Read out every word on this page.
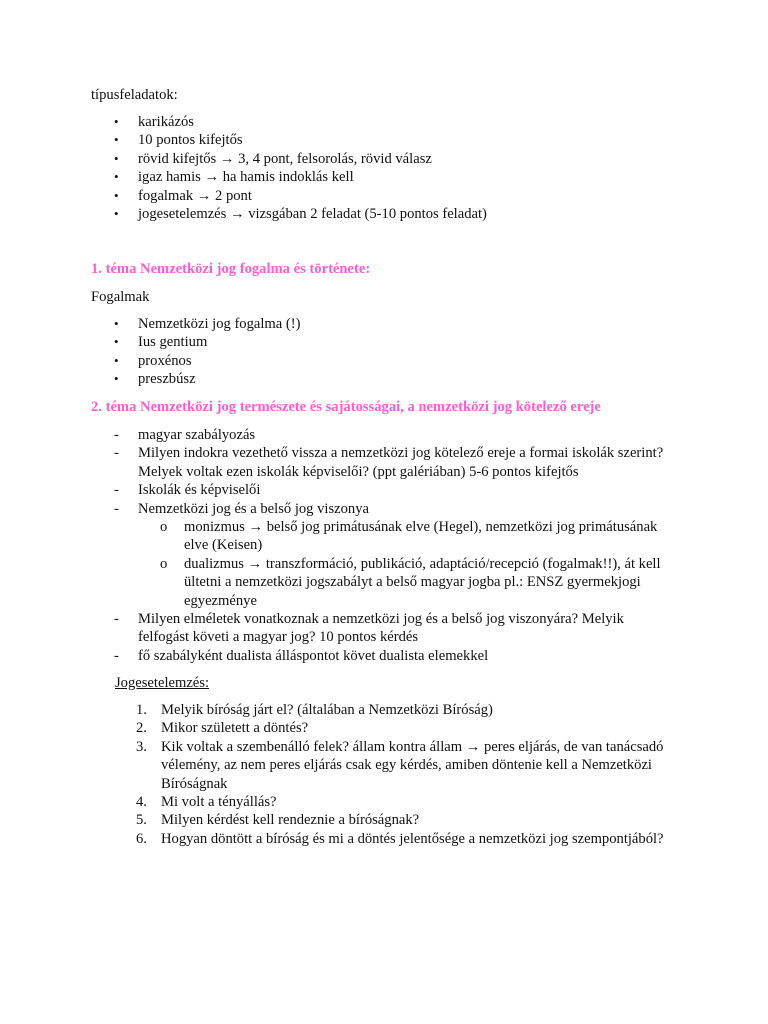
típusfeladatok:
• karikázós
• 10 pontos kifejtős
• rövid kifejtős → 3, 4 pont, felsorolás, rövid válasz
• igaz hamis → ha hamis indoklás kell
• fogalmak → 2 pont
• jogesetelemzés → vizsgában 2 feladat (5-10 pontos feladat)
1. téma Nemzetközi jog fogalma és története:
Fogalmak
• Nemzetközi jog fogalma (!)
• Ius gentium
• proxénos
• preszbúsz
2. téma Nemzetközi jog természete és sajátosságai, a nemzetközi jog kötelező ereje
- magyar szabályozás
- Milyen indokra vezethető vissza a nemzetközi jog kötelező ereje a formai iskolák szerint? Melyek voltak ezen iskolák képviselői? (ppt galériában) 5-6 pontos kifejtős
- Iskolák és képviselői
- Nemzetközi jog és a belső jog viszonya
o monizmus → belső jog primátusának elve (Hegel), nemzetközi jog primátusának elve (Keisen)
o dualizmus → transzformáció, publikáció, adaptáció/recepció (fogalmak!!), át kell ültetni a nemzetközi jogszabályt a belső magyar jogba pl.: ENSZ gyermekjogi egyezménye
- Milyen elméletek vonatkoznak a nemzetközi jog és a belső jog viszonyára? Melyik felfogást követi a magyar jog? 10 pontos kérdés
- fő szabályként dualista álláspontot követ dualista elemekkel
Jogesetelemzés:
1. Melyik bíróság járt el? (általában a Nemzetközi Bíróság)
2. Mikor született a döntés?
3. Kik voltak a szembenálló felek? állam kontra állam → peres eljárás, de van tanácsadó vélemény, az nem peres eljárás csak egy kérdés, amiben döntenie kell a Nemzetközi Bíróságnak
4. Mi volt a tényállás?
5. Milyen kérdést kell rendeznie a bíróságnak?
6. Hogyan döntött a bíróság és mi a döntés jelentősége a nemzetközi jog szempontjából?
